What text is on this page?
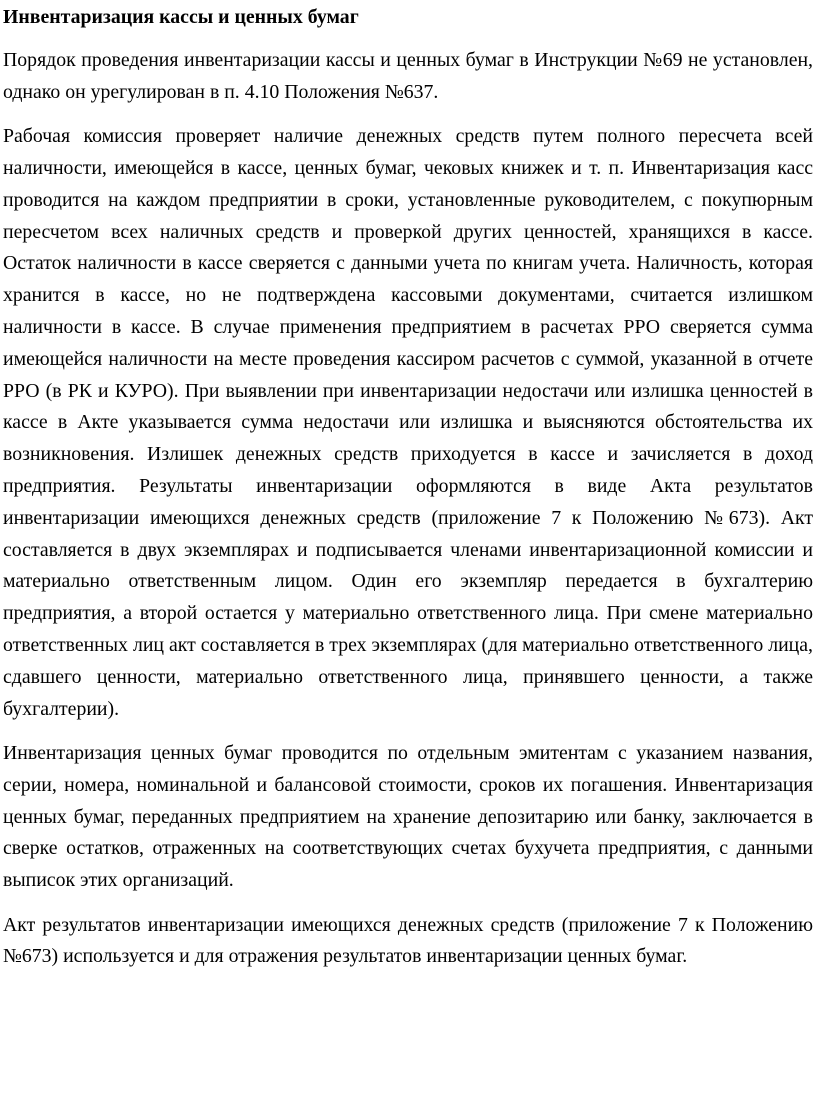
Инвентаризация кассы и ценных бумаг
Порядок проведения инвентаризации кассы и ценных бумаг в Инструкции №69 не установлен, однако он урегулирован в п. 4.10 Положения №637.
Рабочая комиссия проверяет наличие денежных средств путем полного пересчета всей наличности, имеющейся в кассе, ценных бумаг, чековых книжек и т. п. Инвентаризация касс проводится на каждом предприятии в сроки, установленные руководителем, с покупюрным пересчетом всех наличных средств и проверкой других ценностей, хранящихся в кассе. Остаток наличности в кассе сверяется с данными учета по книгам учета. Наличность, которая хранится в кассе, но не подтверждена кассовыми документами, считается излишком наличности в кассе. В случае применения предприятием в расчетах РРО сверяется сумма имеющейся наличности на месте проведения кассиром расчетов с суммой, указанной в отчете РРО (в РК и КУРО). При выявлении при инвентаризации недостачи или излишка ценностей в кассе в Акте указывается сумма недостачи или излишка и выясняются обстоятельства их возникновения. Излишек денежных средств приходуется в кассе и зачисляется в доход предприятия. Результаты инвентаризации оформляются в виде Акта результатов инвентаризации имеющихся денежных средств (приложение 7 к Положению №673). Акт составляется в двух экземплярах и подписывается членами инвентаризационной комиссии и материально ответственным лицом. Один его экземпляр передается в бухгалтерию предприятия, а второй остается у материально ответственного лица. При смене материально ответственных лиц акт составляется в трех экземплярах (для материально ответственного лица, сдавшего ценности, материально ответственного лица, принявшего ценности, а также бухгалтерии).
Инвентаризация ценных бумаг проводится по отдельным эмитентам с указанием названия, серии, номера, номинальной и балансовой стоимости, сроков их погашения. Инвентаризация ценных бумаг, переданных предприятием на хранение депозитарию или банку, заключается в сверке остатков, отраженных на соответствующих счетах бухучета предприятия, с данными выписок этих организаций.
Акт результатов инвентаризации имеющихся денежных средств (приложение 7 к Положению №673) используется и для отражения результатов инвентаризации ценных бумаг.
